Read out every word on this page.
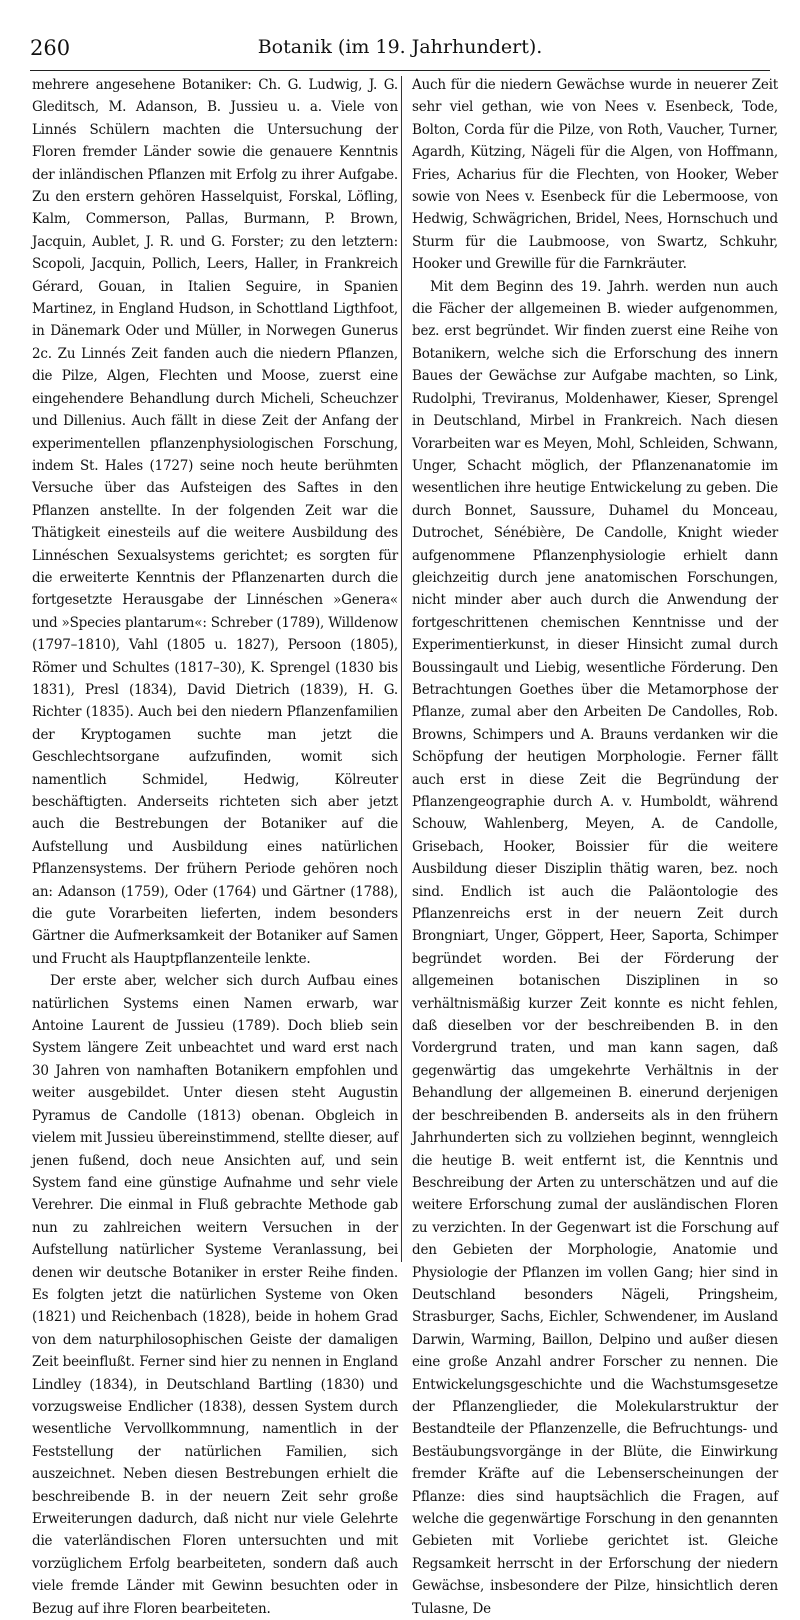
260	Botanik (im 19. Jahrhundert).

mehrere angesehene Botaniker: Ch. G. Ludwig, J. G. Gleditsch, M. Adanson, B. Jussieu u. a. Viele von Linnés Schülern machten die Untersuchung der Floren fremder Länder sowie die genauere Kenntnis der inländischen Pflanzen mit Erfolg zu ihrer Aufgabe. Zu den erstern gehören Hasselquist, Forskal, Löfling, Kalm, Commerson, Pallas, Burmann, P. Brown, Jacquin, Aublet, J. R. und G. Forster; zu den letztern: Scopoli, Jacquin, Pollich, Leers, Haller, in Frankreich Gérard, Gouan, in Italien Seguire, in Spanien Martinez, in England Hudson, in Schottland Ligthfoot, in Dänemark Oder und Müller, in Norwegen Gunerus 2c. Zu Linnés Zeit fanden auch die niedern Pflanzen, die Pilze, Algen, Flechten und Moose, zuerst eine eingehendere Behandlung durch Micheli, Scheuchzer und Dillenius. Auch fällt in diese Zeit der Anfang der experimentellen pflanzenphysiologischen Forschung, indem St. Hales (1727) seine noch heute berühmten Versuche über das Aufsteigen des Saftes in den Pflanzen anstellte. In der folgenden Zeit war die Thätigkeit einesteils auf die weitere Ausbildung des Linnéschen Sexualsystems gerichtet; es sorgten für die erweiterte Kenntnis der Pflanzenarten durch die fortgesetzte Herausgabe der Linnéschen »Genera« und »Species plantarum«: Schreber (1789), Willdenow (1797–1810), Vahl (1805 u. 1827), Persoon (1805), Römer und Schultes (1817–30), K. Sprengel (1830 bis 1831), Presl (1834), David Dietrich (1839), H. G. Richter (1835). Auch bei den niedern Pflanzenfamilien der Kryptogamen suchte man jetzt die Geschlechtsorgane aufzufinden, womit sich namentlich Schmidel, Hedwig, Kölreuter beschäftigten. Anderseits richteten sich aber jetzt auch die Bestrebungen der Botaniker auf die Aufstellung und Ausbildung eines natürlichen Pflanzensystems. Der frühern Periode gehören noch an: Adanson (1759), Oder (1764) und Gärtner (1788), die gute Vorarbeiten lieferten, indem besonders Gärtner die Aufmerksamkeit der Botaniker auf Samen und Frucht als Hauptpflanzenteile lenkte.

Der erste aber, welcher sich durch Aufbau eines natürlichen Systems einen Namen erwarb, war Antoine Laurent de Jussieu (1789). Doch blieb sein System längere Zeit unbeachtet und ward erst nach 30 Jahren von namhaften Botanikern empfohlen und weiter ausgebildet. Unter diesen steht Augustin Pyramus de Candolle (1813) obenan. Obgleich in vielem mit Jussieu übereinstimmend, stellte dieser, auf jenen fußend, doch neue Ansichten auf, und sein System fand eine günstige Aufnahme und sehr viele Verehrer. Die einmal in Fluß gebrachte Methode gab nun zu zahlreichen weitern Versuchen in der Aufstellung natürlicher Systeme Veranlassung, bei denen wir deutsche Botaniker in erster Reihe finden. Es folgten jetzt die natürlichen Systeme von Oken (1821) und Reichenbach (1828), beide in hohem Grad von dem naturphilosophischen Geiste der damaligen Zeit beeinflußt. Ferner sind hier zu nennen in England Lindley (1834), in Deutschland Bartling (1830) und vorzugsweise Endlicher (1838), dessen System durch wesentliche Vervollkommnung, namentlich in der Feststellung der natürlichen Familien, sich auszeichnet. Neben diesen Bestrebungen erhielt die beschreibende B. in der neuern Zeit sehr große Erweiterungen dadurch, daß nicht nur viele Gelehrte die vaterländischen Floren untersuchten und mit vorzüglichem Erfolg bearbeiteten, sondern daß auch viele fremde Länder mit Gewinn besuchten oder in Bezug auf ihre Floren bearbeiteten.

Auch für die niedern Gewächse wurde in neuerer Zeit sehr viel gethan, wie von Nees v. Esenbeck, Tode, Bolton, Corda für die Pilze, von Roth, Vaucher, Turner, Agardh, Kützing, Nägeli für die Algen, von Hoffmann, Fries, Acharius für die Flechten, von Hooker, Weber sowie von Nees v. Esenbeck für die Lebermoose, von Hedwig, Schwägrichen, Bridel, Nees, Hornschuch und Sturm für die Laubmoose, von Swartz, Schkuhr, Hooker und Grewille für die Farnkräuter.

Mit dem Beginn des 19. Jahrh. werden nun auch die Fächer der allgemeinen B. wieder aufgenommen, bez. erst begründet. Wir finden zuerst eine Reihe von Botanikern, welche sich die Erforschung des innern Baues der Gewächse zur Aufgabe machten, so Link, Rudolphi, Treviranus, Moldenhawer, Kieser, Sprengel in Deutschland, Mirbel in Frankreich. Nach diesen Vorarbeiten war es Meyen, Mohl, Schleiden, Schwann, Unger, Schacht möglich, der Pflanzenanatomie im wesentlichen ihre heutige Entwickelung zu geben. Die durch Bonnet, Saussure, Duhamel du Monceau, Dutrochet, Sénébière, De Candolle, Knight wieder aufgenommene Pflanzenphysiologie erhielt dann gleichzeitig durch jene anatomischen Forschungen, nicht minder aber auch durch die Anwendung der fortgeschrittenen chemischen Kenntnisse und der Experimentierkunst, in dieser Hinsicht zumal durch Boussingault und Liebig, wesentliche Förderung. Den Betrachtungen Goethes über die Metamorphose der Pflanze, zumal aber den Arbeiten De Candolles, Rob. Browns, Schimpers und A. Brauns verdanken wir die Schöpfung der heutigen Morphologie. Ferner fällt auch erst in diese Zeit die Begründung der Pflanzengeographie durch A. v. Humboldt, während Schouw, Wahlenberg, Meyen, A. de Candolle, Grisebach, Hooker, Boissier für die weitere Ausbildung dieser Disziplin thätig waren, bez. noch sind. Endlich ist auch die Paläontologie des Pflanzenreichs erst in der neuern Zeit durch Brongniart, Unger, Göppert, Heer, Saporta, Schimper begründet worden. Bei der Förderung der allgemeinen botanischen Disziplinen in so verhältnismäßig kurzer Zeit konnte es nicht fehlen, daß dieselben vor der beschreibenden B. in den Vordergrund traten, und man kann sagen, daß gegenwärtig das umgekehrte Verhältnis in der Behandlung der allgemeinen B. einerund derjenigen der beschreibenden B. anderseits als in den frühern Jahrhunderten sich zu vollziehen beginnt, wenngleich die heutige B. weit entfernt ist, die Kenntnis und Beschreibung der Arten zu unterschätzen und auf die weitere Erforschung zumal der ausländischen Floren zu verzichten. In der Gegenwart ist die Forschung auf den Gebieten der Morphologie, Anatomie und Physiologie der Pflanzen im vollen Gang; hier sind in Deutschland besonders Nägeli, Pringsheim, Strasburger, Sachs, Eichler, Schwendener, im Ausland Darwin, Warming, Baillon, Delpino und außer diesen eine große Anzahl andrer Forscher zu nennen. Die Entwickelungsgeschichte und die Wachstumsgesetze der Pflanzenglieder, die Molekularstruktur der Bestandteile der Pflanzenzelle, die Befruchtungs- und Bestäubungsvorgänge in der Blüte, die Einwirkung fremder Kräfte auf die Lebenserscheinungen der Pflanze: dies sind hauptsächlich die Fragen, auf welche die gegenwärtige Forschung in den genannten Gebieten mit Vorliebe gerichtet ist. Gleiche Regsamkeit herrscht in der Erforschung der niedern Gewächse, insbesondere der Pilze, hinsichtlich deren Tulasne, De
